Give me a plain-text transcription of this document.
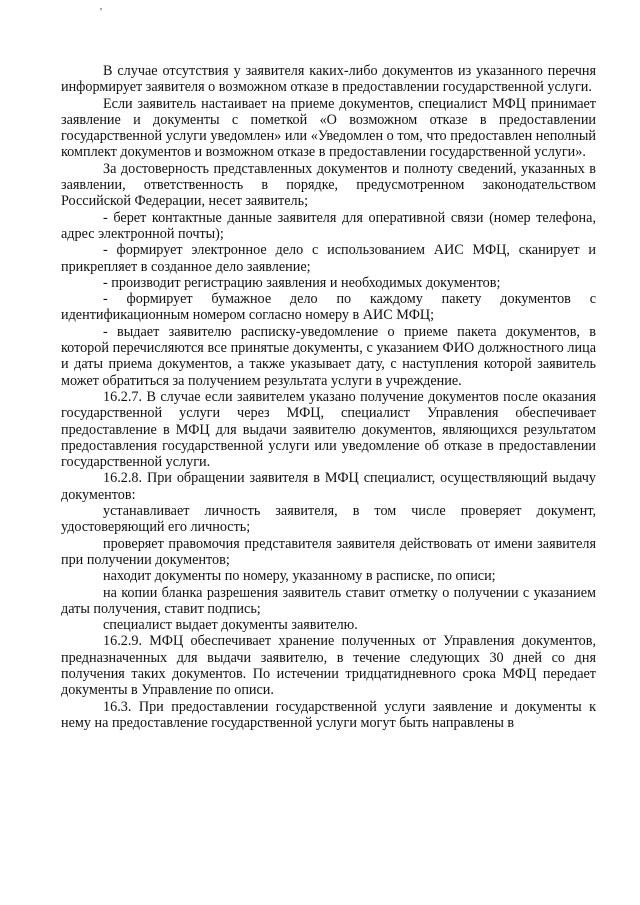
'

В случае отсутствия у заявителя каких-либо документов из указанного перечня информирует заявителя о возможном отказе в предоставлении государственной услуги.

Если заявитель настаивает на приеме документов, специалист МФЦ принимает заявление и документы с пометкой «О возможном отказе в предоставлении государственной услуги уведомлен» или «Уведомлен о том, что предоставлен неполный комплект документов и возможном отказе в предоставлении государственной услуги».

За достоверность представленных документов и полноту сведений, указанных в заявлении, ответственность в порядке, предусмотренном законодательством Российской Федерации, несет заявитель;

- берет контактные данные заявителя для оперативной связи (номер телефона, адрес электронной почты);

- формирует электронное дело с использованием АИС МФЦ, сканирует и прикрепляет в созданное дело заявление;

- производит регистрацию заявления и необходимых документов;

- формирует бумажное дело по каждому пакету документов с идентификационным номером согласно номеру в АИС МФЦ;

- выдает заявителю расписку-уведомление о приеме пакета документов, в которой перечисляются все принятые документы, с указанием ФИО должностного лица и даты приема документов, а также указывает дату, с наступления которой заявитель может обратиться за получением результата услуги в учреждение.

16.2.7. В случае если заявителем указано получение документов после оказания государственной услуги через МФЦ, специалист Управления обеспечивает предоставление в МФЦ для выдачи заявителю документов, являющихся результатом предоставления государственной услуги или уведомление об отказе в предоставлении государственной услуги.

16.2.8. При обращении заявителя в МФЦ специалист, осуществляющий выдачу документов:

устанавливает личность заявителя, в том числе проверяет документ, удостоверяющий его личность;

проверяет правомочия представителя заявителя действовать от имени заявителя при получении документов;

находит документы по номеру, указанному в расписке, по описи;

на копии бланка разрешения заявитель ставит отметку о получении с указанием даты получения, ставит подпись;

специалист выдает документы заявителю.

16.2.9. МФЦ обеспечивает хранение полученных от Управления документов, предназначенных для выдачи заявителю, в течение следующих 30 дней со дня получения таких документов. По истечении тридцатидневного срока МФЦ передает документы в Управление по описи.

16.3. При предоставлении государственной услуги заявление и документы к нему на предоставление государственной услуги могут быть направлены в
